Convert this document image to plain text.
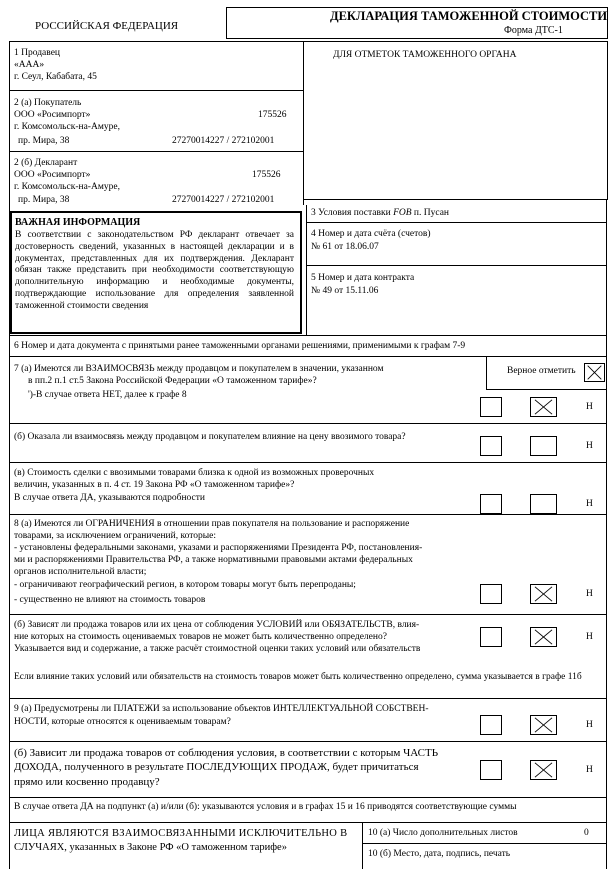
РОССИЙСКАЯ ФЕДЕРАЦИЯ
ДЕКЛАРАЦИЯ ТАМОЖЕННОЙ СТОИМОСТИ
Форма ДТС-1
1 Продавец
«ААА»
г. Сеул, Кабабата, 45
2 (а) Покупатель
ООО «Росимпорт»	175526
г. Комсомольск-на-Амуре,
пр. Мира, 38	27270014227 / 272102001
2 (б) Декларант
ООО «Росимпорт»	175526
г. Комсомольск-на-Амуре,
пр. Мира, 38	27270014227 / 272102001
ДЛЯ ОТМЕТОК ТАМОЖЕННОГО ОРГАНА
ВАЖНАЯ ИНФОРМАЦИЯ
В соответствии с законодательством РФ декларант отвечает за достоверность сведений, указанных в настоящей декларации и в документах, представленных для их подтверждения. Декларант обязан также представить при необходимости соответствующую дополнительную информацию и необходимые документы, подтверждающие использование для определения заявленной таможенной стоимости сведения
3 Условия поставки FOB п. Пусан
4 Номер и дата счёта (счетов)
№ 61 от 18.06.07
5 Номер и дата контракта
№ 49 от 15.11.06
6 Номер и дата документа с принятыми ранее таможенными органами решениями, применимыми к графам 7-9
7 (а) Имеются ли ВЗАИМОСВЯЗЬ между продавцом и покупателем в значении, указанном
в пп.2 п.1 ст.5 Закона Российской Федерации «О таможенном тарифе»?
')-В случае ответа НЕТ, далее к графе 8
Верное отметить
Н
(б) Оказала ли взаимосвязь между продавцом и покупателем влияние на цену ввозимого товара?
Н
(в) Стоимость сделки с ввозимыми товарами близка к одной из возможных проверочных
величин, указанных в п. 4 ст. 19 Закона РФ «О таможенном тарифе»?
В случае ответа ДА, указываются подробности
Н
8 (а) Имеются ли ОГРАНИЧЕНИЯ в отношении прав покупателя на пользование и распоряжение
товарами, за исключением ограничений, которые:
- установлены федеральными законами, указами и распоряжениями Президента РФ, постановления-
ми и распоряжениями Правительства РФ, а также нормативными правовыми актами федеральных
органов исполнительной власти;
- ограничивают географический регион, в котором товары могут быть перепроданы;
- существенно не влияют на стоимость товаров
Н
(б) Зависят ли продажа товаров или их цена от соблюдения УСЛОВИЙ или ОБЯЗАТЕЛЬСТВ, влия-
ние которых на стоимость оцениваемых товаров не может быть количественно определено?
Указывается вид и содержание, а также расчёт стоимостной оценки таких условий или обязательств
Н
Если влияние таких условий или обязательств на стоимость товаров может быть количественно определено, сумма указывается в графе 11б
9 (а) Предусмотрены ли ПЛАТЕЖИ за использование объектов ИНТЕЛЛЕКТУАЛЬНОЙ СОБСТВЕН-
НОСТИ, которые относятся к оцениваемым товарам?	Н
(б) Зависит ли продажа товаров от соблюдения условия, в соответствии с которым ЧАСТЬ
ДОХОДА, полученного в результате ПОСЛЕДУЮЩИХ ПРОДАЖ, будет причитаться
прямо или косвенно продавцу?
Н
В случае ответа ДА на подпункт (а) и/или (б): указываются условия и в графах 15 и 16 приводятся соответствующие суммы
ЛИЦА ЯВЛЯЮТСЯ ВЗАИМОСВЯЗАННЫМИ ИСКЛЮЧИТЕЛЬНО В
СЛУЧАЯХ, указанных в Законе РФ «О таможенном тарифе»
10 (а) Число дополнительных листов	0
10 (б) Место, дата, подпись, печать
